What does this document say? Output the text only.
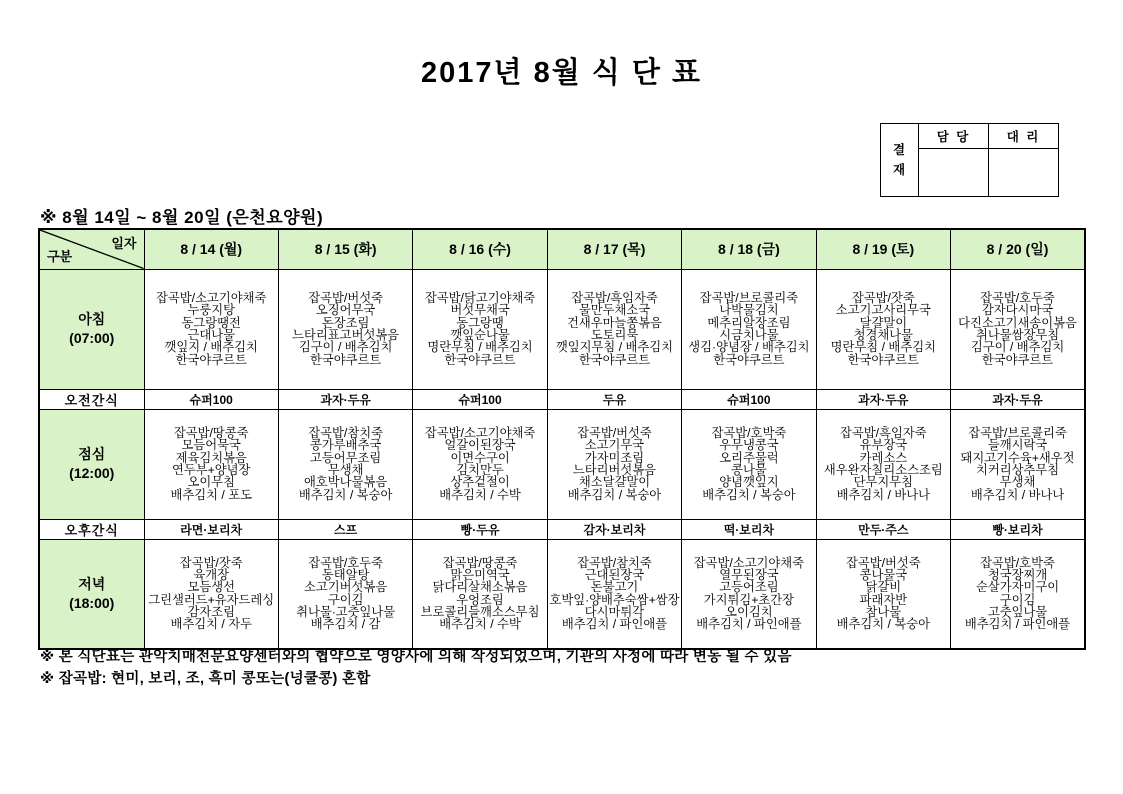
2017년 8월 식 단 표
결재	담 당	대 리

※ 8월 14일 ~ 8월 20일 (은천요양원)
일자
구분	8 / 14 (월)	8 / 15 (화)	8 / 16 (수)	8 / 17 (목)	8 / 18 (금)	8 / 19 (토)	8 / 20 (일)

아침
(07:00)

잡곡밥/소고기야채죽
누룽지탕
동그랑땡전
근대나물
깻잎지 / 배추김치
한국야쿠르트

잡곡밥/버섯죽
오징어무국
돈장조림
느타리표고버섯볶음
김구이 / 배추김치
한국야쿠르트

잡곡밥/닭고기야채죽
버섯무채국
동그랑땡
깻잎순나물
명란무침 / 배추김치
한국야쿠르트

잡곡밥/흑임자죽
물만두채소국
건새우마늘쫑볶음
도토리묵
깻잎지무침 / 배추김치
한국야쿠르트

잡곡밥/브로콜리죽
나박물김치
메추리알장조림
시금치나물
생김·양념장 / 배추김치
한국야쿠르트

잡곡밥/잣죽
소고기고사리무국
달걀말이
청경채나물
명란무침 / 배추김치
한국야쿠르트

잡곡밥/호두죽
감자다시마국
다진소고기새송이볶음
취나물쌈장무침
김구이 / 배추김치
한국야쿠르트

오전간식	슈퍼100	과자·두유	슈퍼100	두유	슈퍼100	과자·두유	과자·두유

점심
(12:00)

잡곡밥/땅콩죽
모듬어묵국
제육김치볶음
연두부+양념장
오이무침
배추김치 / 포도

잡곡밥/참치죽
콩가루배추국
고등어무조림
무생채
애호박나물볶음
배추김치 / 복숭아

잡곡밥/소고기야채죽
얼갈이된장국
이면수구이
김치만두
상추겉절이
배추김치 / 수박

잡곡밥/버섯죽
소고기무국
가자미조림
느타리버섯볶음
채소달걀말이
배추김치 / 복숭아

잡곡밥/호박죽
우무냉콩국
오리주물럭
콩나물
양념깻잎지
배추김치 / 복숭아

잡곡밥/흑임자죽
유부장국
카레소스
새우완자칠리소스조림
단무지무침
배추김치 / 바나나

잡곡밥/브로콜리죽
들깨시락국
돼지고기수육+새우젓
치커리상추무침
무생채
배추김치 / 바나나

오후간식	라면·보리차	스프	빵·두유	감자·보리차	떡·보리차	만두·주스	빵·보리차

저녁
(18:00)

잡곡밥/잣죽
육개장
모듬생선
그린샐러드+유자드레싱
감자조림
배추김치 / 자두

잡곡밥/호두죽
동태알탕
소고기버섯볶음
구이김
취나물·고춧잎나물
배추김치 / 감

잡곡밥/땅콩죽
맑은미역국
닭다리살채소볶음
우엉조림
브로콜리들깨소스무침
배추김치 / 수박

잡곡밥/참치죽
근대된장국
돈불고기
호박잎·양배추숙쌈+쌈장
다시마튀각
배추김치 / 파인애플

잡곡밥/소고기야채죽
열무된장국
고등어조림
가지튀김+초간장
오이김치
배추김치 / 파인애플

잡곡밥/버섯죽
콩나물국
닭갈비
파래자반
참나물
배추김치 / 복숭아

잡곡밥/호박죽
청국장찌개
순살가자미구이
구이김
고춧잎나물
배추김치 / 파인애플
※ 본 식단표는 관악치매전문요양센터와의 협약으로 영양사에 의해 작성되었으며, 기관의 사정에 따라 변동 될 수 있음
※ 잡곡밥: 현미, 보리, 조, 흑미 콩또는(넝쿨콩) 혼합
